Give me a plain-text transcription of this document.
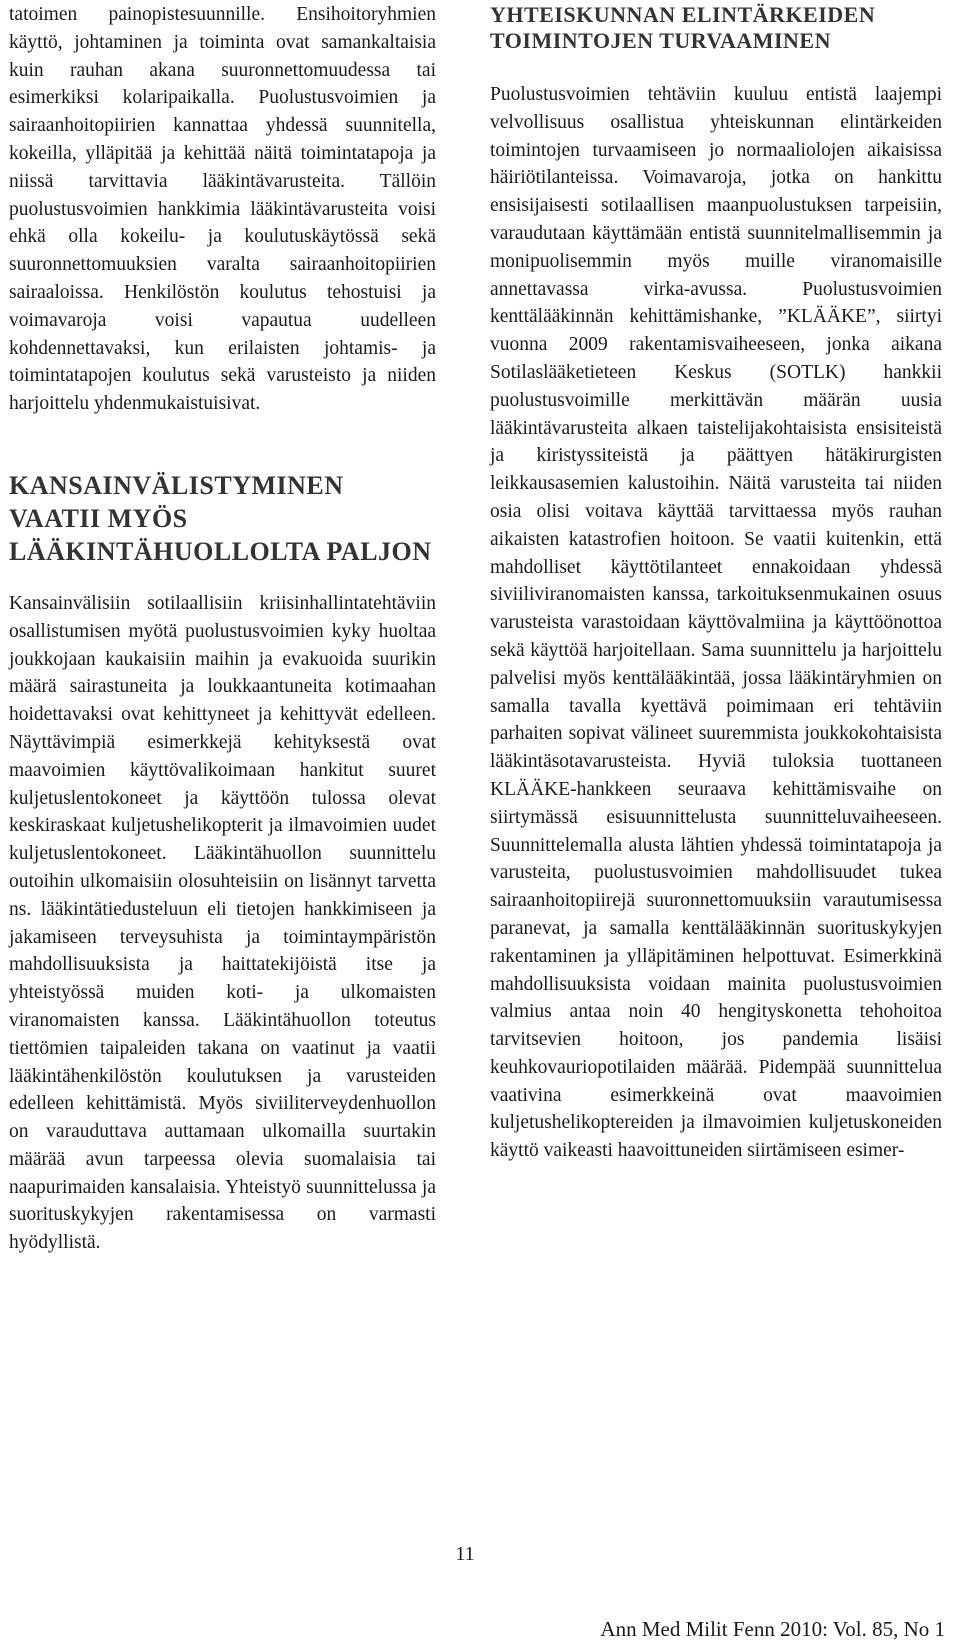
tatoimen painopistesuunnille. Ensihoitoryhmien käyttö, johtaminen ja toiminta ovat samankaltaisia kuin rauhan akana suuronnettomuudessa tai esimerkiksi kolaripaikalla. Puolustusvoimien ja sairaanhoitopiirien kannattaa yhdessä suunnitella, kokeilla, ylläpitää ja kehittää näitä toimintatapoja ja niissä tarvittavia lääkintävarusteita. Tällöin puolustusvoimien hankkimia lääkintävarusteita voisi ehkä olla kokeilu- ja koulutuskäytössä sekä suuronnettomuuksien varalta sairaanhoitopiirien sairaaloissa. Henkilöstön koulutus tehostuisi ja voimavaroja voisi vapautua uudelleen kohdennettavaksi, kun erilaisten johtamis- ja toimintatapojen koulutus sekä varusteisto ja niiden harjoittelu yhdenmukaistuisivat.

KANSAINVÄLISTYMINEN VAATII MYÖS LÄÄKINTÄHUOLLOLTA PALJON

Kansainvälisiin sotilaallisiin kriisinhallintatehtäviin osallistumisen myötä puolustusvoimien kyky huoltaa joukkojaan kaukaisiin maihin ja evakuoida suurikin määrä sairastuneita ja loukkaantuneita kotimaahan hoidettavaksi ovat kehittyneet ja kehittyvät edelleen. Näyttävimpiä esimerkkejä kehityksestä ovat maavoimien käyttövalikoimaan hankitut suuret kuljetuslentokoneet ja käyttöön tulossa olevat keskiraskaat kuljetushelikopterit ja ilmavoimien uudet kuljetuslentokoneet. Lääkintähuollon suunnittelu outoihin ulkomaisiin olosuhteisiin on lisännyt tarvetta ns. lääkintätiedusteluun eli tietojen hankkimiseen ja jakamiseen terveysuhista ja toimintaympäristön mahdollisuuksista ja haittatekijöistä itse ja yhteistyössä muiden koti- ja ulkomaisten viranomaisten kanssa. Lääkintähuollon toteutus tiettömien taipaleiden takana on vaatinut ja vaatii lääkintähenkilöstön koulutuksen ja varusteiden edelleen kehittämistä. Myös siviiliterveydenhuollon on varauduttava auttamaan ulkomailla suurtakin määrää avun tarpeessa olevia suomalaisia tai naapurimaiden kansalaisia. Yhteistyö suunnittelussa ja suorituskykyjen rakentamisessa on varmasti hyödyllistä.

YHTEISKUNNAN ELINTÄRKEIDEN TOIMINTOJEN TURVAAMINEN

Puolustusvoimien tehtäviin kuuluu entistä laajempi velvollisuus osallistua yhteiskunnan elintärkeiden toimintojen turvaamiseen jo normaaliolojen aikaisissa häiriötilanteissa. Voimavaroja, jotka on hankittu ensisijaisesti sotilaallisen maanpuolustuksen tarpeisiin, varaudutaan käyttämään entistä suunnitelmallisemmin ja monipuolisemmin myös muille viranomaisille annettavassa virka-avussa. Puolustusvoimien kenttälääkinnän kehittämishanke, ”KLÄÄKE”, siirtyi vuonna 2009 rakentamisvaiheeseen, jonka aikana Sotilaslääketieteen Keskus (SOTLK) hankkii puolustusvoimille merkittävän määrän uusia lääkintävarusteita alkaen taistelijakohtaisista ensisiteistä ja kiristyssiteistä ja päättyen hätäkirurgisten leikkausasemien kalustoihin. Näitä varusteita tai niiden osia olisi voitava käyttää tarvittaessa myös rauhan aikaisten katastrofien hoitoon. Se vaatii kuitenkin, että mahdolliset käyttötilanteet ennakoidaan yhdessä siviiliviranomaisten kanssa, tarkoituksenmukainen osuus varusteista varastoidaan käyttövalmiina ja käyttöönottoa sekä käyttöä harjoitellaan. Sama suunnittelu ja harjoittelu palvelisi myös kenttälääkintää, jossa lääkintäryhmien on samalla tavalla kyettävä poimimaan eri tehtäviin parhaiten sopivat välineet suuremmista joukkokohtaisista lääkintäsotavarusteista. Hyviä tuloksia tuottaneen KLÄÄKE-hankkeen seuraava kehittämisvaihe on siirtymässä esisuunnittelusta suunnitteluvaiheeseen. Suunnittelemalla alusta lähtien yhdessä toimintatapoja ja varusteita, puolustusvoimien mahdollisuudet tukea sairaanhoitopiirejä suuronnettomuuksiin varautumisessa paranevat, ja samalla kenttälääkinnän suorituskykyjen rakentaminen ja ylläpitäminen helpottuvat. Esimerkkinä mahdollisuuksista voidaan mainita puolustusvoimien valmius antaa noin 40 hengityskonetta tehohoitoa tarvitsevien hoitoon, jos pandemia lisäisi keuhkovauriopotilaiden määrää. Pidempää suunnittelua vaativina esimerkkeinä ovat maavoimien kuljetushelikoptereiden ja ilmavoimien kuljetuskoneiden käyttö vaikeasti haavoittuneiden siirtämiseen esimer-

11
Ann Med Milit Fenn 2010: Vol. 85, No 1
